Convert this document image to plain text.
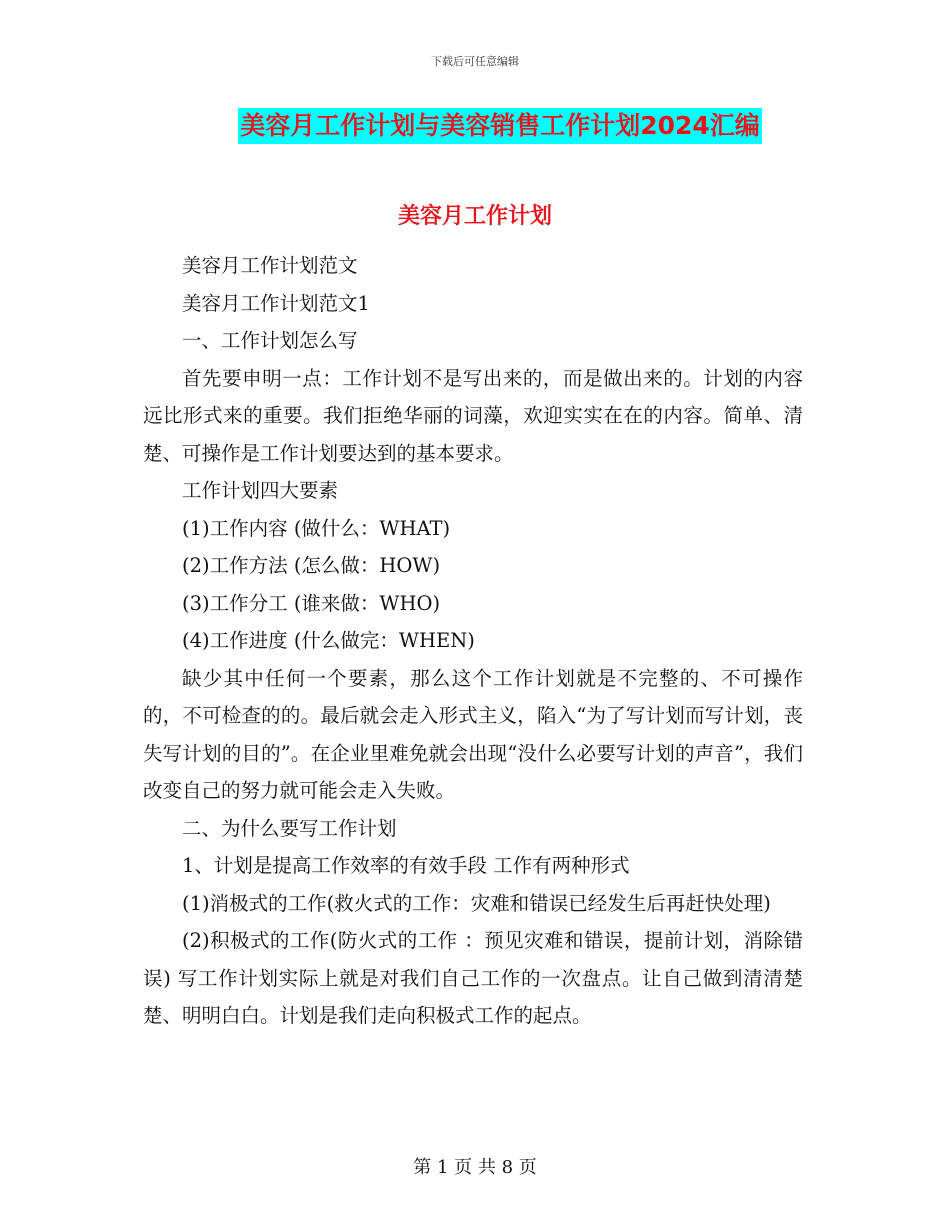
下载后可任意编辑
美容月工作计划与美容销售工作计划2024汇编
美容月工作计划

美容月工作计划范文

美容月工作计划范文1

一、工作计划怎么写

首先要申明一点：工作计划不是写出来的，而是做出来的。计划的内容远比形式来的重要。我们拒绝华丽的词藻，欢迎实实在在的内容。简单、清楚、可操作是工作计划要达到的基本要求。

工作计划四大要素

(1)工作内容 (做什么：WHAT)

(2)工作方法 (怎么做：HOW)

(3)工作分工 (谁来做：WHO)

(4)工作进度 (什么做完：WHEN)

缺少其中任何一个要素，那么这个工作计划就是不完整的、不可操作的，不可检查的的。最后就会走入形式主义，陷入“为了写计划而写计划，丧失写计划的目的”。在企业里难免就会出现“没什么必要写计划的声音”，我们改变自己的努力就可能会走入失败。

二、为什么要写工作计划

1、计划是提高工作效率的有效手段 工作有两种形式

(1)消极式的工作(救火式的工作：灾难和错误已经发生后再赶快处理)

(2)积极式的工作(防火式的工作 ：预见灾难和错误，提前计划，消除错误) 写工作计划实际上就是对我们自己工作的一次盘点。让自己做到清清楚楚、明明白白。计划是我们走向积极式工作的起点。

第 1 页 共 8 页
